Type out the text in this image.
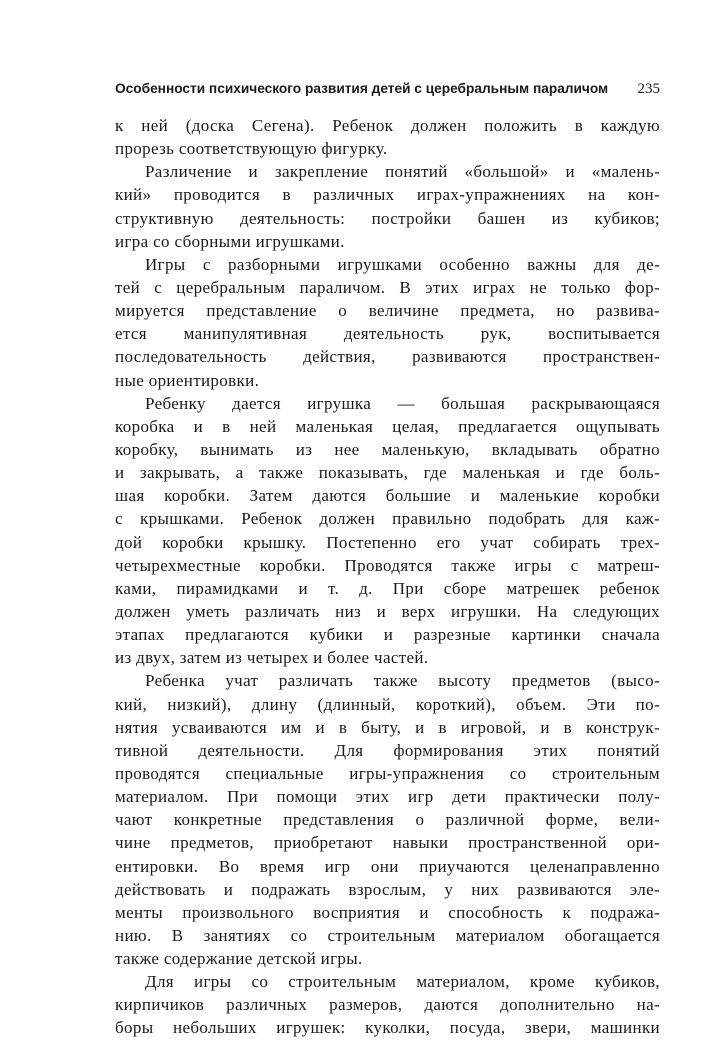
Особенности психического развития детей с церебральным параличом 235
к ней (доска Сегена). Ребенок должен положить в каждую
прорезь соответствующую фигурку.
Различение и закрепление понятий «большой» и «малень-
кий» проводится в различных играх-упражнениях на кон-
структивную деятельность: постройки башен из кубиков;
игра со сборными игрушками.
Игры с разборными игрушками особенно важны для де-
тей с церебральным параличом. В этих играх не только фор-
мируется представление о величине предмета, но развива-
ется манипулятивная деятельность рук, воспитывается
последовательность действия, развиваются пространствен-
ные ориентировки.
Ребенку дается игрушка — большая раскрывающаяся
коробка и в ней маленькая целая, предлагается ощупывать
коробку, вынимать из нее маленькую, вкладывать обратно
и закрывать, а также показывать, где маленькая и где боль-
шая коробки. Затем даются большие и маленькие коробки
с крышками. Ребенок должен правильно подобрать для каж-
дой коробки крышку. Постепенно его учат собирать трех-
четырехместные коробки. Проводятся также игры с матреш-
ками, пирамидками и т. д. При сборе матрешек ребенок
должен уметь различать низ и верх игрушки. На следующих
этапах предлагаются кубики и разрезные картинки сначала
из двух, затем из четырех и более частей.
Ребенка учат различать также высоту предметов (высо-
кий, низкий), длину (длинный, короткий), объем. Эти по-
нятия усваиваются им и в быту, и в игровой, и в конструк-
тивной деятельности. Для формирования этих понятий
проводятся специальные игры-упражнения со строительным
материалом. При помощи этих игр дети практически полу-
чают конкретные представления о различной форме, вели-
чине предметов, приобретают навыки пространственной ори-
ентировки. Во время игр они приучаются целенаправленно
действовать и подражать взрослым, у них развиваются эле-
менты произвольного восприятия и способность к подража-
нию. В занятиях со строительным материалом обогащается
также содержание детской игры.
Для игры со строительным материалом, кроме кубиков,
кирпичиков различных размеров, даются дополнительно на-
боры небольших игрушек: куколки, посуда, звери, машинки
